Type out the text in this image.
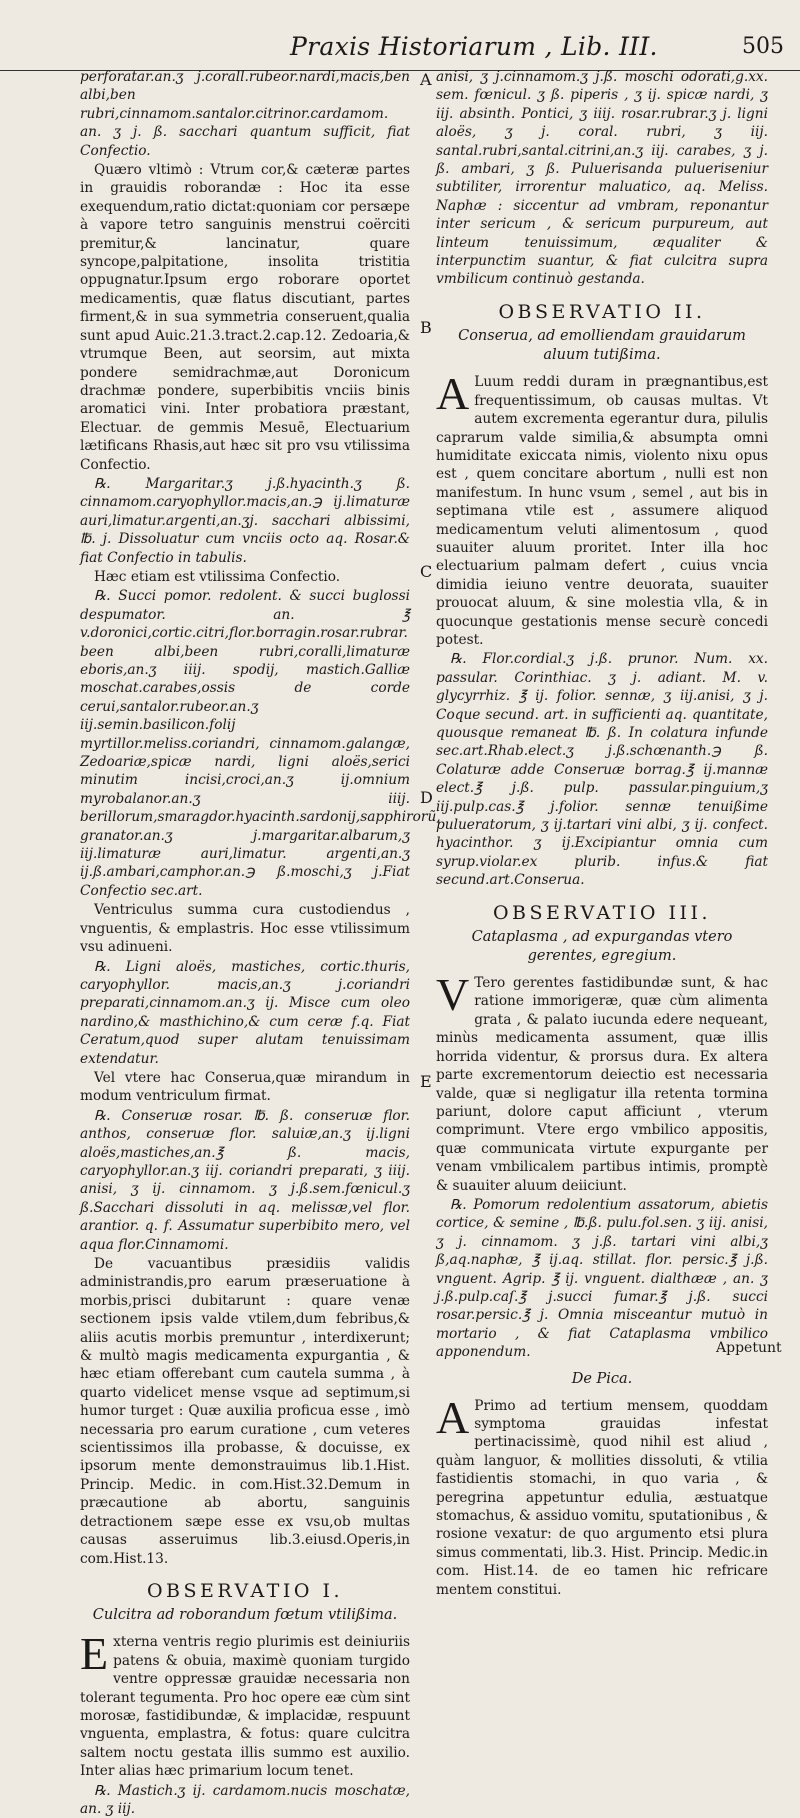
Praxis Historiarum , Lib. III.	505
A
B
C
D
E

perforatar.an.ʒ j.corall.rubeor.nardi,macis,ben albi,ben rubri,cinnamom.santalor.citrinor.cardamom. an. ʒ j. ß. sacchari quantum sufficit, fiat Confectio.

Quæro vltimò : Vtrum cor,& cæteræ partes in grauidis roborandæ : Hoc ita esse exequendum,ratio dictat:quoniam cor persæpe à vapore tetro sanguinis menstrui coërciti premitur,& lancinatur, quare syncope,palpitatione, insolita tristitia oppugnatur.Ipsum ergo roborare oportet medicamentis, quæ flatus discutiant, partes firment,& in sua symmetria conseruent,qualia sunt apud Auic.21.3.tract.2.cap.12. Zedoaria,& vtrumque Been, aut seorsim, aut mixta pondere semidrachmæ,aut Doronicum drachmæ pondere, superbibitis vnciis binis aromatici vini. Inter probatiora præstant, Electuar. de gemmis Mesuē, Electuarium lætificans Rhasis,aut hæc sit pro vsu vtilissima Confectio.

℞. Margaritar.ʒ j.ß.hyacinth.ʒ ß. cinnamom.caryophyllor.macis,an.℈ ij.limaturæ auri,limatur.argenti,an.ʒj. sacchari albissimi, ℔. j. Dissoluatur cum vnciis octo aq. Rosar.& fiat Confectio in tabulis.

Hæc etiam est vtilissima Confectio.

℞. Succi pomor. redolent. & succi buglossi despumator. an. ℥ v.doronici,cortic.citri,flor.borragin.rosar.rubrar. been albi,been rubri,coralli,limaturæ eboris,an.ʒ iiij. spodij, mastich.Galliæ moschat.carabes,ossis de corde cerui,santalor.rubeor.an.ʒ iij.semin.basilicon.folij myrtillor.meliss.coriandri, cinnamom.galangæ, Zedoariæ,spicæ nardi, ligni aloës,serici minutim incisi,croci,an.ʒ ij.omnium myrobalanor.an.ʒ iiij. berillorum,smaragdor.hyacinth.sardonij,sapphirorũ, granator.an.ʒ j.margaritar.albarum,ʒ iij.limaturæ auri,limatur. argenti,an.ʒ ij.ß.ambari,camphor.an.℈ ß.moschi,ʒ j.Fiat Confectio sec.art.

Ventriculus summa cura custodiendus , vnguentis, & emplastris. Hoc esse vtilissimum vsu adinueni.

℞. Ligni aloës, mastiches, cortic.thuris, caryophyllor. macis,an.ʒ j.coriandri preparati,cinnamom.an.ʒ ij. Misce cum oleo nardino,& masthichino,& cum ceræ f.q. Fiat Ceratum,quod super alutam tenuissimam extendatur.

Vel vtere hac Conserua,quæ mirandum in modum ventriculum firmat.

℞. Conseruæ rosar. ℔. ß. conseruæ flor. anthos, conseruæ flor. saluiæ,an.ʒ ij.ligni aloës,mastiches,an.℥ ß. macis, caryophyllor.an.ʒ iij. coriandri preparati, ʒ iiij. anisi, ʒ ij. cinnamom. ʒ j.ß.sem.fœnicul.ʒ ß.Sacchari dissoluti in aq. melissæ,vel flor. arantior. q. f. Assumatur superbibito mero, vel aqua flor.Cinnamomi.

De vacuantibus præsidiis validis administrandis,pro earum præseruatione à morbis,prisci dubitarunt : quare venæ sectionem ipsis valde vtilem,dum febribus,& aliis acutis morbis premuntur , interdixerunt; & multò magis medicamenta expurgantia , & hæc etiam offerebant cum cautela summa , à quarto videlicet mense vsque ad septimum,si humor turget : Quæ auxilia proficua esse , imò necessaria pro earum curatione , cum veteres scientissimos illa probasse, & docuisse, ex ipsorum mente demonstrauimus lib.1.Hist. Princip. Medic. in com.Hist.32.Demum in præcautione ab abortu, sanguinis detractionem sæpe esse ex vsu,ob multas causas asseruimus lib.3.eiusd.Operis,in com.Hist.13.

OBSERVATIO I.
Culcitra ad roborandum fœtum vtilißima.

E xterna ventris regio plurimis est deiniuriis patens & obuia, maximè quoniam turgido ventre oppressæ grauidæ necessaria non tolerant tegumenta. Pro hoc opere eæ cùm sint morosæ, fastidibundæ, & implacidæ, respuunt vnguenta, emplastra, & fotus: quare culcitra saltem noctu gestata illis summo est auxilio. Inter alias hæc primarium locum tenet.

℞. Mastich.ʒ ij. cardamom.nucis moschatæ, an. ʒ iij.

anisi, ʒ j.cinnamom.ʒ j.ß. moschi odorati,g.xx. sem. fœnicul. ʒ ß. piperis , ʒ ij. spicæ nardi, ʒ iij. absinth. Pontici, ʒ iiij. rosar.rubrar.ʒ j. ligni aloës, ʒ j. coral. rubri, ʒ iij. santal.rubri,santal.citrini,an.ʒ iij. carabes, ʒ j. ß. ambari, ʒ ß. Puluerisanda pulueriseniur subtiliter, irrorentur maluatico, aq. Meliss. Naphæ : siccentur ad vmbram, reponantur inter sericum , & sericum purpureum, aut linteum tenuissimum, æqualiter & interpunctim suantur, & fiat culcitra supra vmbilicum continuò gestanda.

OBSERVATIO II.
Conserua, ad emolliendam grauidarum aluum tutißima.

A Luum reddi duram in prægnantibus,est frequentissimum, ob causas multas. Vt autem excrementa egerantur dura, pilulis caprarum valde similia,& absumpta omni humiditate exiccata nimis, violento nixu opus est , quem concitare abortum , nulli est non manifestum. In hunc vsum , semel , aut bis in septimana vtile est , assumere aliquod medicamentum veluti alimentosum , quod suauiter aluum proritet. Inter illa hoc electuarium palmam defert , cuius vncia dimidia ieiuno ventre deuorata, suauiter prouocat aluum, & sine molestia vlla, & in quocunque gestationis mense securè concedi potest.

℞. Flor.cordial.ʒ j.ß. prunor. Num. xx. passular. Corinthiac. ʒ j. adiant. M. v. glycyrrhiz. ℥ ij. folior. sennæ, ʒ iij.anisi, ʒ j. Coque secund. art. in sufficienti aq. quantitate, quousque remaneat ℔. ß. In colatura infunde sec.art.Rhab.elect.ʒ j.ß.schœnanth.℈ ß. Colaturæ adde Conseruæ borrag.℥ ij.mannæ elect.℥ j.ß. pulp. passular.pinguium,ʒ iij.pulp.cas.℥ j.folior. sennæ tenuißime pulueratorum, ʒ ij.tartari vini albi, ʒ ij. confect. hyacinthor. ʒ ij.Excipiantur omnia cum syrup.violar.ex plurib. infus.& fiat secund.art.Conserua.

OBSERVATIO III.
Cataplasma , ad expurgandas vtero gerentes, egregium.

V Tero gerentes fastidibundæ sunt, & hac ratione immorigeræ, quæ cùm alimenta grata , & palato iucunda edere nequeant, minùs medicamenta assument, quæ illis horrida videntur, & prorsus dura. Ex altera parte excrementorum deiectio est necessaria valde, quæ si negligatur illa retenta tormina pariunt, dolore caput afficiunt , vterum comprimunt. Vtere ergo vmbilico appositis, quæ communicata virtute expurgante per venam vmbilicalem partibus intimis, promptè & suauiter aluum deiiciunt.

℞. Pomorum redolentium assatorum, abietis cortice, & semine , ℔.ß. pulu.fol.sen. ʒ iij. anisi, ʒ j. cinnamom. ʒ j.ß. tartari vini albi,ʒ ß,aq.naphæ, ℥ ij.aq. stillat. flor. persic.℥ j.ß. vnguent. Agrip. ℥ ij. vnguent. dialthææ , an. ʒ j.ß.pulp.caſ.℥ j.succi fumar.℥ j.ß. succi rosar.persic.℥ j. Omnia misceantur mutuò in mortario , & fiat Cataplasma vmbilico apponendum.

De Pica.

A Primo ad tertium mensem, quoddam symptoma grauidas infestat pertinacissimè, quod nihil est aliud , quàm languor, & mollities dissoluti, & vtilia fastidientis stomachi, in quo varia , & peregrina appetuntur edulia, æstuatque stomachus, & assiduo vomitu, sputationibus , & rosione vexatur: de quo argumento etsi plura simus commentati, lib.3. Hist. Princip. Medic.in com. Hist.14. de eo tamen hic refricare mentem constitui.

Appetunt
